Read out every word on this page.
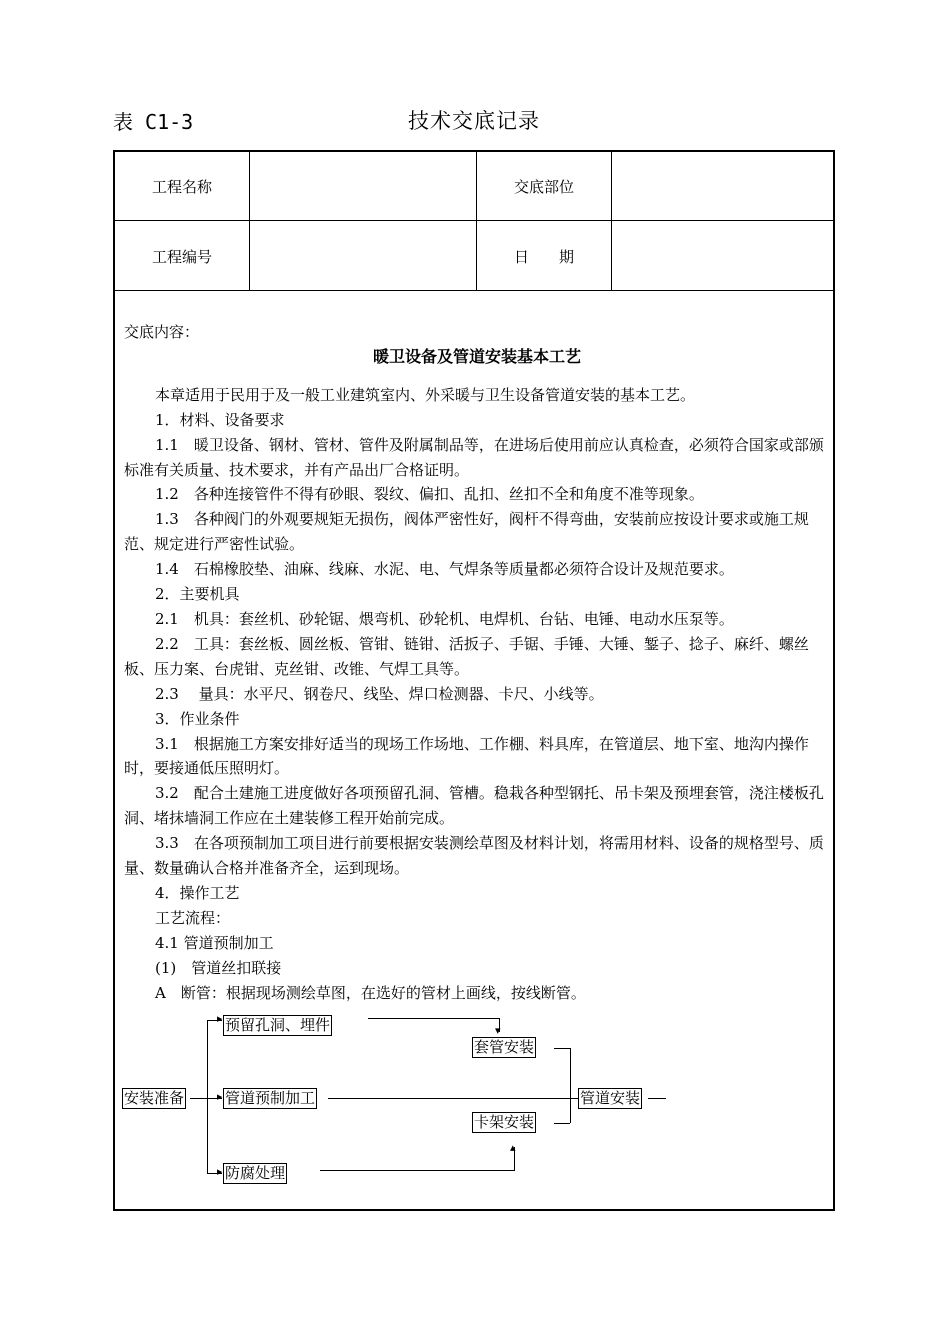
表 C1-3	技术交底记录
工程名称	交底部位
工程编号	日　　期

交底内容：

暖卫设备及管道安装基本工艺

本章适用于民用于及一般工业建筑室内、外采暖与卫生设备管道安装的基本工艺。

1．材料、设备要求

1.1　暖卫设备、钢材、管材、管件及附属制品等，在进场后使用前应认真检查，必须符合国家或部颁标准有关质量、技术要求，并有产品出厂合格证明。

1.2　各种连接管件不得有砂眼、裂纹、偏扣、乱扣、丝扣不全和角度不准等现象。

1.3　各种阀门的外观要规矩无损伤，阀体严密性好，阀杆不得弯曲，安装前应按设计要求或施工规范、规定进行严密性试验。

1.4　石棉橡胶垫、油麻、线麻、水泥、电、气焊条等质量都必须符合设计及规范要求。

2．主要机具

2.1　机具：套丝机、砂轮锯、煨弯机、砂轮机、电焊机、台钻、电锤、电动水压泵等。

2.2　工具：套丝板、圆丝板、管钳、链钳、活扳子、手锯、手锤、大锤、錾子、捻子、麻纤、螺丝板、压力案、台虎钳、克丝钳、改锥、气焊工具等。

2.3　 量具：水平尺、钢卷尺、线坠、焊口检测器、卡尺、小线等。

3．作业条件

3.1　根据施工方案安排好适当的现场工作场地、工作棚、料具库，在管道层、地下室、地沟内操作时，要接通低压照明灯。

3.2　配合土建施工进度做好各项预留孔洞、管槽。稳栽各种型钢托、吊卡架及预埋套管，浇注楼板孔洞、堵抹墙洞工作应在土建装修工程开始前完成。

3.3　在各项预制加工项目进行前要根据安装测绘草图及材料计划，将需用材料、设备的规格型号、质量、数量确认合格并准备齐全，运到现场。

4．操作工艺

工艺流程：

4.1 管道预制加工

(1)　管道丝扣联接

A　断管：根据现场测绘草图，在选好的管材上画线，按线断管。

▸
▸
▸
▾
▴
安装准备
预留孔洞、埋件
管道预制加工
防腐处理
套管安装
卡架安装
管道安装
